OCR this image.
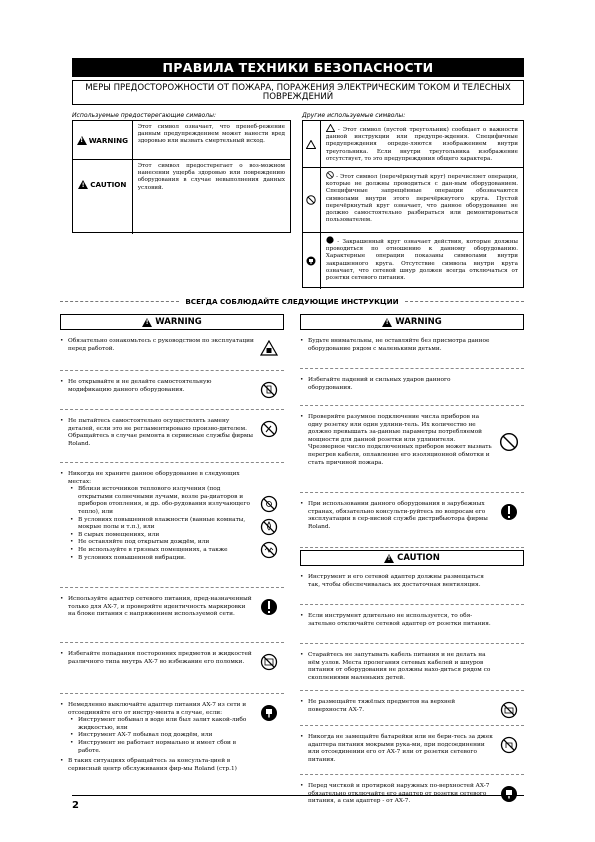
ПРАВИЛА ТЕХНИКИ БЕЗОПАСНОСТИ
МЕРЫ ПРЕДОСТОРОЖНОСТИ ОТ ПОЖАРА, ПОРАЖЕНИЯ ЭЛЕКТРИЧЕСКИМ ТОКОМ И ТЕЛЕСНЫХ ПОВРЕЖДЕНИЙ
Используемые предостерегающие символы:
!
WARNING
Этот символ означает, что пренеб-режение данным предупреждением может нанести вред здоровью или вызвать смертельный исход.
!
CAUTION
Этот символ предостерегает о воз-можном нанесении ущерба здоровью или повреждению оборудования в случае невыполнения данных условий.
Другие используемые символы:
- Этот символ (пустой треугольник) сообщает о важности данной инструкции или предупре-ждения. Специфичные предупреждения опреде-ляются изображением внутри треугольника. Если внутри треугольника изображение отсутствует, то это предупреждения общего характера.
- Этот символ (перечёркнутый круг) перечисляет операции, которые не должны проводиться с дан-ным оборудованием. Специфичные запрещённые операции обозначаются символами внутри этого перечёркнутого круга. Пустой перечёркнутый круг означает, что данное оборудование не должно самостоятельно разбираться или демонтироваться пользователем.
- Закрашенный круг означает действия, которые должны проводиться по отношению к данному оборудованию. Характерные операции показаны символами внутри закрашенного круга. Отсутствие символа внутри круга означает, что сетевой шнур должен всегда отключаться от розетки сетевого питания.
ВСЕГДА СОБЛЮДАЙТЕ СЛЕДУЮЩИЕ ИНСТРУКЦИИ
!
WARNING
• Обязательно ознакомьтесь с руководством по эксплуатации перед работой.
• Не открывайте и не делайте самостоятельную модификацию данного оборудования.
• Не пытайтесь самостоятельно осуществлять замену деталей, если это не регламентировано произво-дителем. Обращайтесь в случае ремонта в сервисные службы фирмы Roland.
• Никогда не храните данное оборудование в следующих местах:
• Вблизи источников теплового излучения (под открытыми солнечными лучами, возле ра-диаторов и приборов отопления, и др. обо-рудования излучающего тепло), или
• В условиях повышенной влажности (ванные комнаты, мокрые полы и т.п.), или
• В сырых помещениях, или
• Не оставляйте под открытым дождём, или
• Не используйте в грязных помещениях, а также
• В условиях повышенной вибрации.
• Используйте адаптер сетевого питания, пред-назначенный только для AX-7, и проверяйте идентичность маркировки на блоке питания с напряжением используемой сети.
• Избегайте попадания посторонних предметов и жидкостей различного типа внутрь AX-7 во избежание его поломки.
• Немедленно выключайте адаптер питания AX-7 из сети и отсоединяйте его от инстру-мента в случае, если:
• Инструмент побывал в воде или был залит какой-либо жидкостью, или
• Инструмент AX-7 побывал под дождём, или
• Инструмент не работает нормально и имеет сбои в работе.
• В таких ситуациях обращайтесь за консульта-цией в сервисный центр обслуживания фир-мы Roland (стр.1)
!
WARNING
• Будьте внимательны, не оставляйте без присмотра данное оборудование рядом с маленькими детьми.
• Избегайте падений и сильных ударов данного оборудования.
• Проверяйте разумное подключение числа приборов на одну розетку или один удлини-тель. Их количество не должно превышать за-данные параметры потребляемой мощности для данной розетки или удлинителя. Чрезмерное число подключенных приборов может вызвать перегрев кабеля, оплавление его изоляционной обмотки и стать причиной пожара.
• При использовании данного оборудования в зарубежных странах, обязательно консульти-руйтесь по вопросам его эксплуатации в сер-висной службе дистрибьютора фирмы Roland.
!
CAUTION
• Инструмент и его сетевой адаптер должны размещаться так, чтобы обеспечивалась их достаточная вентиляция.
• Если инструмент длительно не используется, то обя-зательно отключайте сетевой адаптер от розетки питания.
• Старайтесь не запутывать кабель питания и не делать на нём узлов. Места пролегания сетевых кабелей и шнуров питания от оборудования не должны нахо-диться рядом со скоплениями маленьких детей.
• Не размещайте тяжёлых предметов на верхней поверхности AX-7.
• Никогда не замещайте батарейки или не бери-тесь за джек адаптера питания мокрыми рука-ми, при подсоединении или отсоединении его от AX-7 или от розетки сетевого питания.
• Перед чисткой и протиркой наружных по-верхностей AX-7 обязательно отключайте его адаптер от розетки сетевого питания, а сам адаптер - от AX-7.
2
